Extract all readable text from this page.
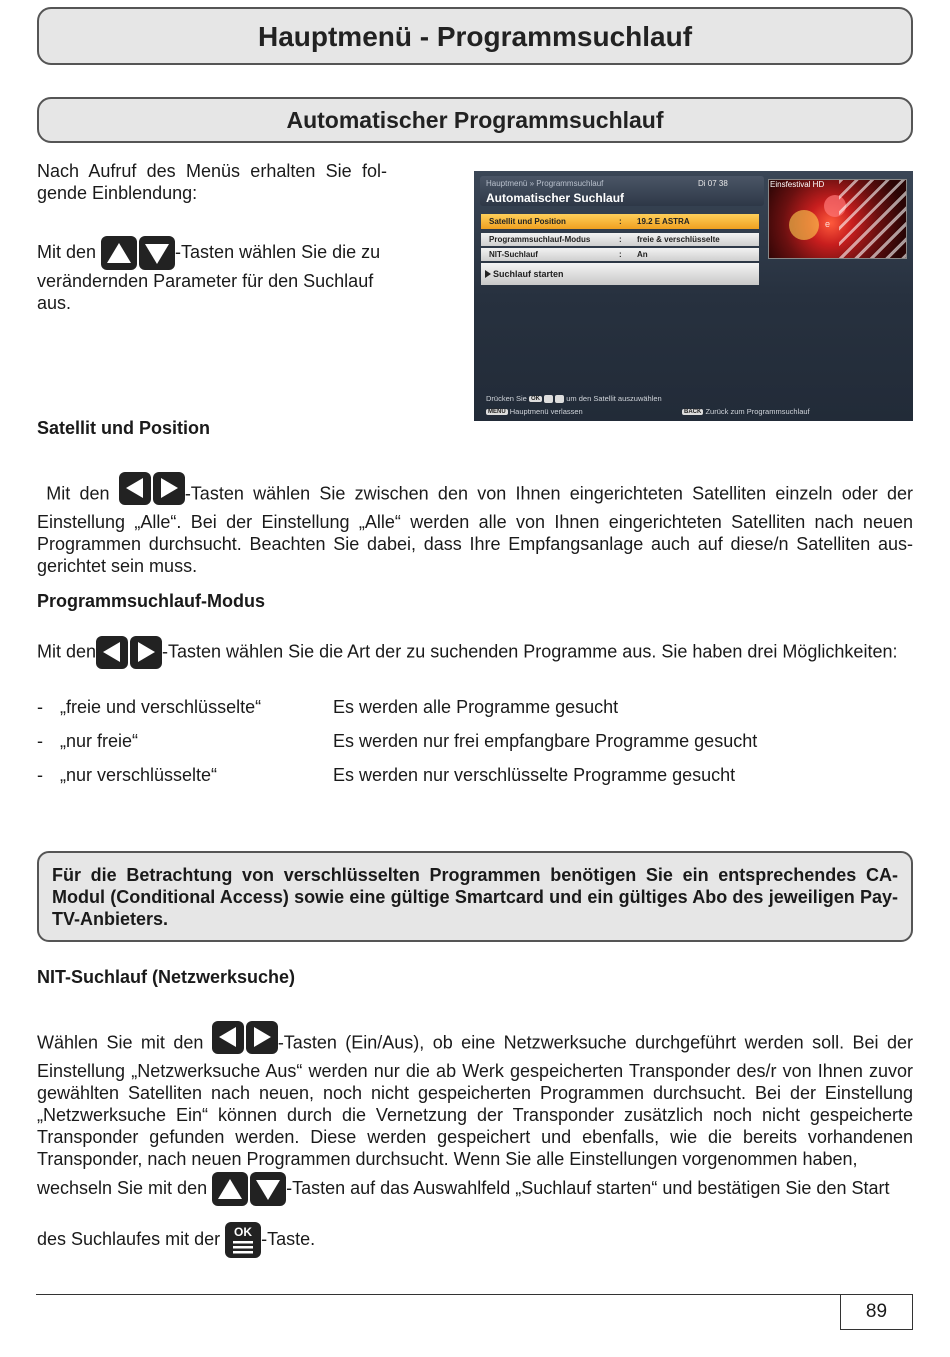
Hauptmenü - Programmsuchlauf
Automatischer Programmsuchlauf
Nach Aufruf des Menüs erhalten Sie fol-gende Einblendung:
Mit den	-Tasten wählen Sie die zu verändernden Parameter für den Suchlauf aus.
Hauptmenü » Programmsuchlauf	Di 07 38
Automatischer Suchlauf
Satellit und Position	: 19.2 E ASTRA
Programmsuchlauf-Modus	: freie & verschlüsselte
NIT-Suchlauf	: An
Suchlauf starten
Einsfestival HD
e
Drücken Sie OK	um den Satellit auszuwählen
MENU Hauptmenü verlassen	BACK Zurück zum Programmsuchlauf
Satellit und Position
Mit den	-Tasten wählen Sie zwischen den von Ihnen eingerichteten Satelliten einzeln oder der Einstellung „Alle“. Bei der Einstellung „Alle“ werden alle von Ihnen eingerichteten Satelliten nach neuen Programmen durchsucht. Beachten Sie dabei, dass Ihre Empfangsanlage auch auf diese/n Satelliten aus-gerichtet sein muss.
Programmsuchlauf-Modus
Mit den	-Tasten wählen Sie die Art der zu suchenden Programme aus. Sie haben drei Möglichkeiten:
- „freie und verschlüsselte“	Es werden alle Programme gesucht
- „nur freie“	Es werden nur frei empfangbare Programme gesucht
- „nur verschlüsselte“	Es werden nur verschlüsselte Programme gesucht
Für die Betrachtung von verschlüsselten Programmen benötigen Sie ein entsprechendes CA-Modul (Conditional Access) sowie eine gültige Smartcard und ein gültiges Abo des jeweiligen Pay-TV-Anbieters.
NIT-Suchlauf (Netzwerksuche)
Wählen Sie mit den	-Tasten (Ein/Aus), ob eine Netzwerksuche durchgeführt werden soll. Bei der Einstellung „Netzwerksuche Aus“ werden nur die ab Werk gespeicherten Transponder des/r von Ihnen zuvor gewählten Satelliten nach neuen, noch nicht gespeicherten Programmen durchsucht. Bei der Einstellung „Netzwerksuche Ein“ können durch die Vernetzung der Transponder zusätzlich noch nicht gespeicherte Transponder gefunden werden. Diese werden gespeichert und ebenfalls, wie die bereits vorhandenen Transponder, nach neuen Programmen durchsucht. Wenn Sie alle Einstellungen vorgenommen haben,
wechseln Sie mit den	-Tasten auf das Auswahlfeld „Suchlauf starten“ und bestätigen Sie den Start
des Suchlaufes mit der OK -Taste.
89
